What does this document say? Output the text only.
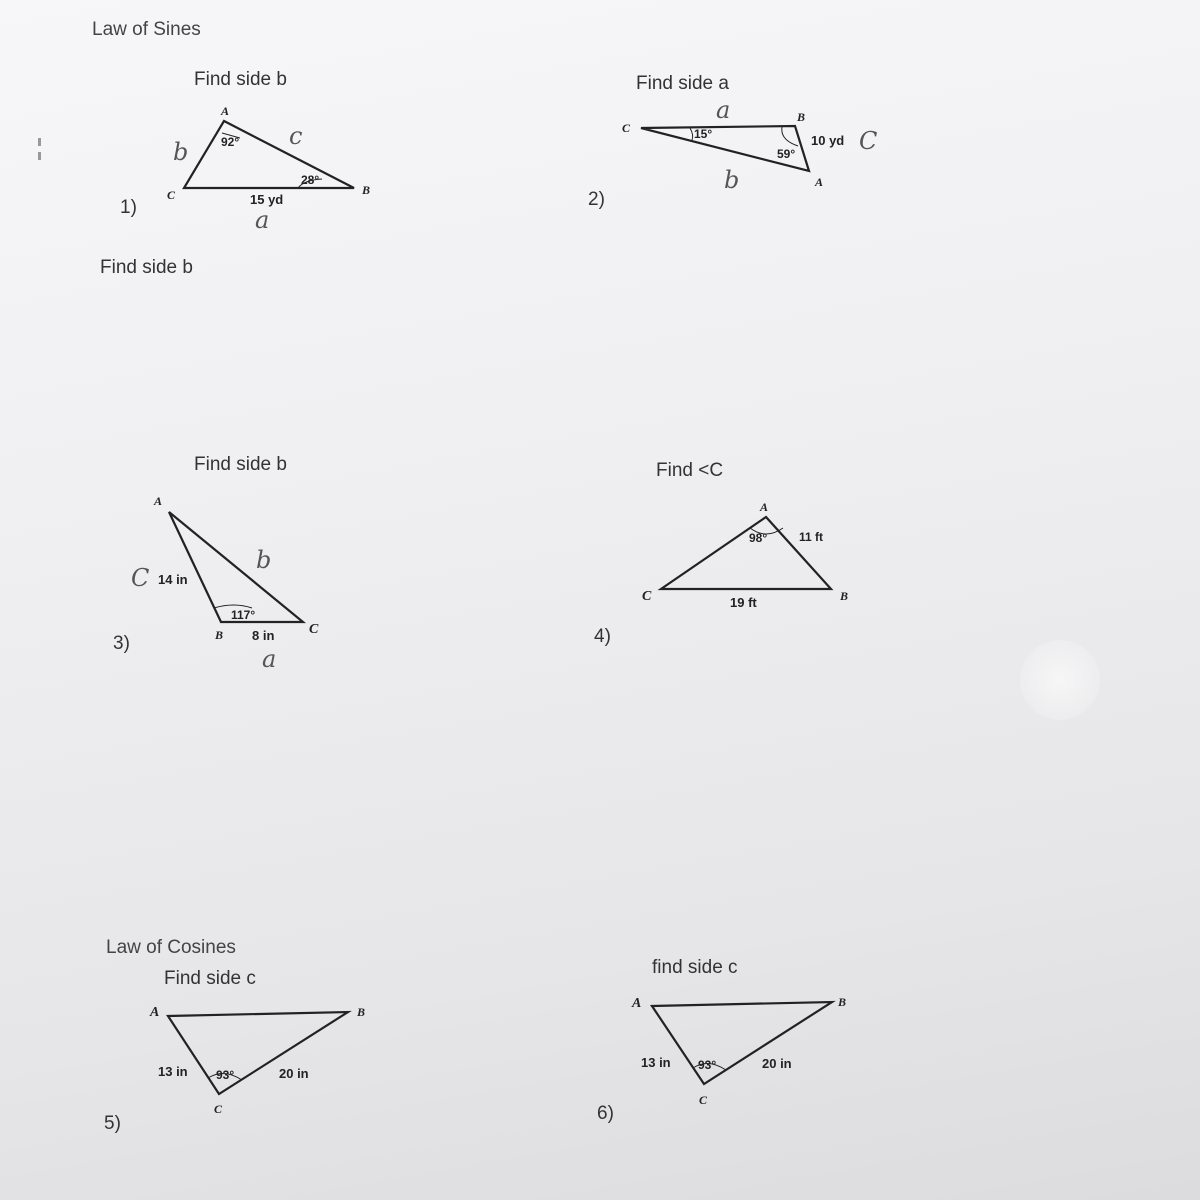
Law of Sines
Law of Cosines
Find side b
1)
A
C	B
92°
28°
15 yd
b
c
a
Find side b
Find side a
2)
C
B
A
15°
59°
10 yd
a
b
C
Find side b
3)
A
B	C
117°
14 in
8 in
C
b
a
Find <C
4)
A
C	B
98°	11 ft
19 ft
Find side c
5)
A	B
C
93°
13 in	20 in
find side c
6)
A	B
C
93°
13 in	20 in
